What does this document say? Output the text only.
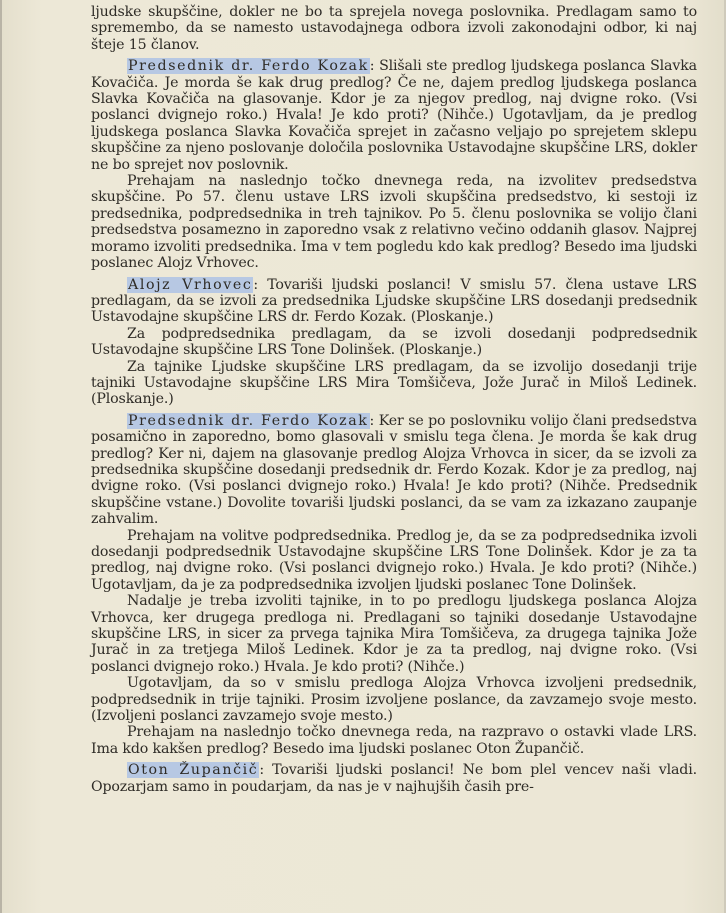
ljudske skupščine, dokler ne bo ta sprejela novega poslovnika. Predlagam samo to spremembo, da se namesto ustavodajnega odbora izvoli zakonodajni odbor, ki naj šteje 15 članov.

Predsednik dr. Ferdo Kozak: Slišali ste predlog ljudskega poslanca Slavka Kovačiča. Je morda še kak drug predlog? Če ne, dajem predlog ljudskega poslanca Slavka Kovačiča na glasovanje. Kdor je za njegov predlog, naj dvigne roko. (Vsi poslanci dvignejo roko.) Hvala! Je kdo proti? (Nihče.) Ugotavljam, da je predlog ljudskega poslanca Slavka Kovačiča sprejet in začasno veljajo po sprejetem sklepu skupščine za njeno poslovanje določila poslovnika Ustavodajne skupščine LRS, dokler ne bo sprejet nov poslovnik.

Prehajam na naslednjo točko dnevnega reda, na izvolitev predsedstva skupščine. Po 57. členu ustave LRS izvoli skupščina predsedstvo, ki sestoji iz predsednika, podpredsednika in treh tajnikov. Po 5. členu poslovnika se volijo člani predsedstva posamezno in zaporedno vsak z relativno večino oddanih glasov. Najprej moramo izvoliti predsednika. Ima v tem pogledu kdo kak predlog? Besedo ima ljudski poslanec Alojz Vrhovec.

Alojz Vrhovec: Tovariši ljudski poslanci! V smislu 57. člena ustave LRS predlagam, da se izvoli za predsednika Ljudske skupščine LRS dosedanji predsednik Ustavodajne skupščine LRS dr. Ferdo Kozak. (Ploskanje.)

Za podpredsednika predlagam, da se izvoli dosedanji podpredsednik Ustavodajne skupščine LRS Tone Dolinšek. (Ploskanje.)

Za tajnike Ljudske skupščine LRS predlagam, da se izvolijo dosedanji trije tajniki Ustavodajne skupščine LRS Mira Tomšičeva, Jože Jurač in Miloš Ledinek. (Ploskanje.)

Predsednik dr. Ferdo Kozak: Ker se po poslovniku volijo člani predsedstva posamično in zaporedno, bomo glasovali v smislu tega člena. Je morda še kak drug predlog? Ker ni, dajem na glasovanje predlog Alojza Vrhovca in sicer, da se izvoli za predsednika skupščine dosedanji predsednik dr. Ferdo Kozak. Kdor je za predlog, naj dvigne roko. (Vsi poslanci dvignejo roko.) Hvala! Je kdo proti? (Nihče. Predsednik skupščine vstane.) Dovolite tovariši ljudski poslanci, da se vam za izkazano zaupanje zahvalim.

Prehajam na volitve podpredsednika. Predlog je, da se za podpredsednika izvoli dosedanji podpredsednik Ustavodajne skupščine LRS Tone Dolinšek. Kdor je za ta predlog, naj dvigne roko. (Vsi poslanci dvignejo roko.) Hvala. Je kdo proti? (Nihče.) Ugotavljam, da je za podpredsednika izvoljen ljudski poslanec Tone Dolinšek.

Nadalje je treba izvoliti tajnike, in to po predlogu ljudskega poslanca Alojza Vrhovca, ker drugega predloga ni. Predlagani so tajniki dosedanje Ustavodajne skupščine LRS, in sicer za prvega tajnika Mira Tomšičeva, za drugega tajnika Jože Jurač in za tretjega Miloš Ledinek. Kdor je za ta predlog, naj dvigne roko. (Vsi poslanci dvignejo roko.) Hvala. Je kdo proti? (Nihče.)

Ugotavljam, da so v smislu predloga Alojza Vrhovca izvoljeni predsednik, podpredsednik in trije tajniki. Prosim izvoljene poslance, da zavzamejo svoje mesto. (Izvoljeni poslanci zavzamejo svoje mesto.)

Prehajam na naslednjo točko dnevnega reda, na razpravo o ostavki vlade LRS. Ima kdo kakšen predlog? Besedo ima ljudski poslanec Oton Župančič.

Oton Župančič: Tovariši ljudski poslanci! Ne bom plel vencev naši vladi. Opozarjam samo in poudarjam, da nas je v najhujših časih pre-
